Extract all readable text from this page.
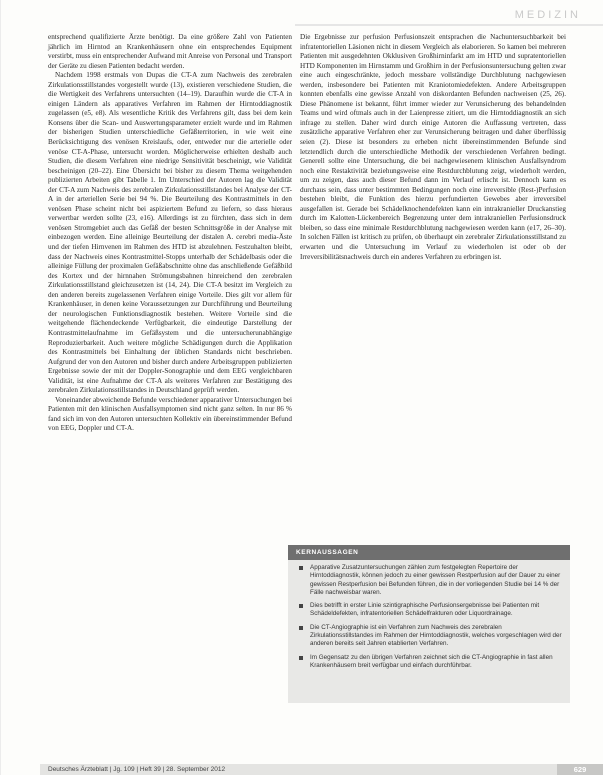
MEDIZIN

entsprechend qualifizierte Ärzte benötigt. Da eine größere Zahl von Patienten jährlich im Hirntod an Krankenhäusern ohne ein entsprechendes Equipment verstirbt, muss ein entsprechender Aufwand mit Anreise von Personal und Transport der Geräte zu diesen Patienten bedacht werden.

Nachdem 1998 erstmals von Dupas die CT-A zum Nachweis des zerebralen Zirkulationsstillstandes vorgestellt wurde (13), existieren verschiedene Studien, die die Wertigkeit des Verfahrens untersuchten (14–19). Daraufhin wurde die CT-A in einigen Ländern als apparatives Verfahren im Rahmen der Hirntoddiagnostik zugelassen (e5, e8). Als wesentliche Kritik des Verfahrens gilt, dass bei dem kein Konsens über die Scan- und Auswertungsparameter erzielt wurde und im Rahmen der bisherigen Studien unterschiedliche Gefäßterritorien, in wie weit eine Berücksichtigung des venösen Kreislaufs, oder, entweder nur die arterielle oder venöse CT-A-Phase, untersucht worden. Möglicherweise erhielten deshalb auch Studien, die diesem Verfahren eine niedrige Sensitivität bescheinigt, wie Validität bescheinigen (20–22). Eine Übersicht bei bisher zu diesem Thema weitgehenden publizierten Arbeiten gibt Tabelle 1. Im Unterschied der Autoren lag die Validität der CT-A zum Nachweis des zerebralen Zirkulationsstillstandes bei Analyse der CT-A in der arteriellen Serie bei 94 %. Die Beurteilung des Kontrastmittels in den venösen Phase scheint nicht bei aspiziertem Befund zu liefern, so dass hieraus verwertbar werden sollte (23, e16). Allerdings ist zu fürchten, dass sich in dem venösen Stromgebiet auch das Gefäß der besten Schnittsgröße in der Analyse mit einbezogen werden. Eine alleinige Beurteilung der distalen A. cerebri media-Äste und der tiefen Hirnvenen im Rahmen des HTD ist abzulehnen. Festzuhalten bleibt, dass der Nachweis eines Kontrastmittel-Stopps unterhalb der Schädelbasis oder die alleinige Füllung der proximalen Gefäßabschnitte ohne das anschließende Gefäßbild des Kortex und der hirnnahen Strömungsbahnen hinreichend den zerebralen Zirkulationsstillstand gleichzusetzen ist (14, 24). Die CT-A besitzt im Vergleich zu den anderen bereits zugelassenen Verfahren einige Vorteile. Dies gilt vor allem für Krankenhäuser, in denen keine Voraussetzungen zur Durchführung und Beurteilung der neurologischen Funktionsdiagnostik bestehen. Weitere Vorteile sind die weitgehende flächendeckende Verfügbarkeit, die eindeutige Darstellung der Kontrastmittelaufnahme im Gefäßsystem und die untersucherunabhängige Reproduzierbarkeit. Auch weitere mögliche Schädigungen durch die Applikation des Kontrastmittels bei Einhaltung der üblichen Standards nicht beschrieben. Aufgrund der von den Autoren und bisher durch andere Arbeitsgruppen publizierten Ergebnisse sowie der mit der Doppler-Sonographie und dem EEG vergleichbaren Validität, ist eine Aufnahme der CT-A als weiteres Verfahren zur Bestätigung des zerebralen Zirkulationsstillstandes in Deutschland geprüft werden.

Voneinander abweichende Befunde verschiedener apparativer Untersuchungen bei Patienten mit den klinischen Ausfallsymptomen sind nicht ganz selten. In nur 86 % fand sich im von den Autoren untersuchten Kollektiv ein übereinstimmender Befund von EEG, Doppler und CT-A.

Die Ergebnisse zur perfusion Perfusionszeit entsprachen die Nachuntersuchbarkeit bei infratentoriellen Läsionen nicht in diesem Vergleich als elaborieren. So kamen bei mehreren Patienten mit ausgedehnten Okklusiven Großhirninfarkt am im HTD und supratentoriellen HTD Komponenten im Hirnstamm und Großhirn in der Perfusionsuntersuchung gelten zwar eine auch eingeschränkte, jedoch messbare vollständige Durchblutung nachgewiesen werden, insbesondere bei Patienten mit Kraniotomiedefekten. Andere Arbeitsgruppen konnten ebenfalls eine gewisse Anzahl von diskordanten Befunden nachweisen (25, 26). Diese Phänomene ist bekannt, führt immer wieder zur Verunsicherung des behandelnden Teams und wird oftmals auch in der Laienpresse zitiert, um die Hirntoddiagnostik an sich infrage zu stellen. Daher wird durch einige Autoren die Auffassung vertreten, dass zusätzliche apparative Verfahren eher zur Verunsicherung beitragen und daher überflüssig seien (2). Diese ist besonders zu erheben nicht übereinstimmenden Befunde sind letztendlich durch die unterschiedliche Methodik der verschiedenen Verfahren bedingt. Generell sollte eine Untersuchung, die bei nachgewiesenem klinischen Ausfallsyndrom noch eine Restaktivität beziehungsweise eine Restdurchblutung zeigt, wiederholt werden, um zu zeigen, dass auch dieser Befund dann im Verlauf erlischt ist. Dennoch kann es durchaus sein, dass unter bestimmten Bedingungen noch eine irreversible (Rest-)Perfusion bestehen bleibt, die Funktion des hierzu perfundierten Gewebes aber irreversibel ausgefallen ist. Gerade bei Schädelknochendefekten kann ein intrakranieller Druckanstieg durch im Kalotten-Lückenbereich Begrenzung unter dem intrakraniellen Perfusionsdruck bleiben, so dass eine minimale Restdurchblutung nachgewiesen werden kann (e17, 26–30). In solchen Fällen ist kritisch zu prüfen, ob überhaupt ein zerebraler Zirkulationsstillstand zu erwarten und die Untersuchung im Verlauf zu wiederholen ist oder ob der Irreversibilitätsnachweis durch ein anderes Verfahren zu erbringen ist.

KERNAUSSAGEN
Apparative Zusatzuntersuchungen zählen zum festgelegten Repertoire der Hirntoddiagnostik, können jedoch zu einer gewissen Restperfusion auf der Dauer zu einer gewissen Restperfusion bei Befunden führen, die in der vorliegenden Studie bei 14 % der Fälle nachweisbar waren.
Dies betrifft in erster Linie szintigraphische Perfusionsergebnisse bei Patienten mit Schädeldefekten, infratentoriellen Schädelfrakturen oder Liquordrainage.
Die CT-Angiographie ist ein Verfahren zum Nachweis des zerebralen Zirkulationsstillstandes im Rahmen der Hirntoddiagnostik, welches vorgeschlagen wird der anderen bereits seit Jahren etablierten Verfahren.
Im Gegensatz zu den übrigen Verfahren zeichnet sich die CT-Angiographie in fast allen Krankenhäusern breit verfügbar und einfach durchführbar.
Deutsches Ärzteblatt | Jg. 109 | Heft 39 | 28. September 2012	629
